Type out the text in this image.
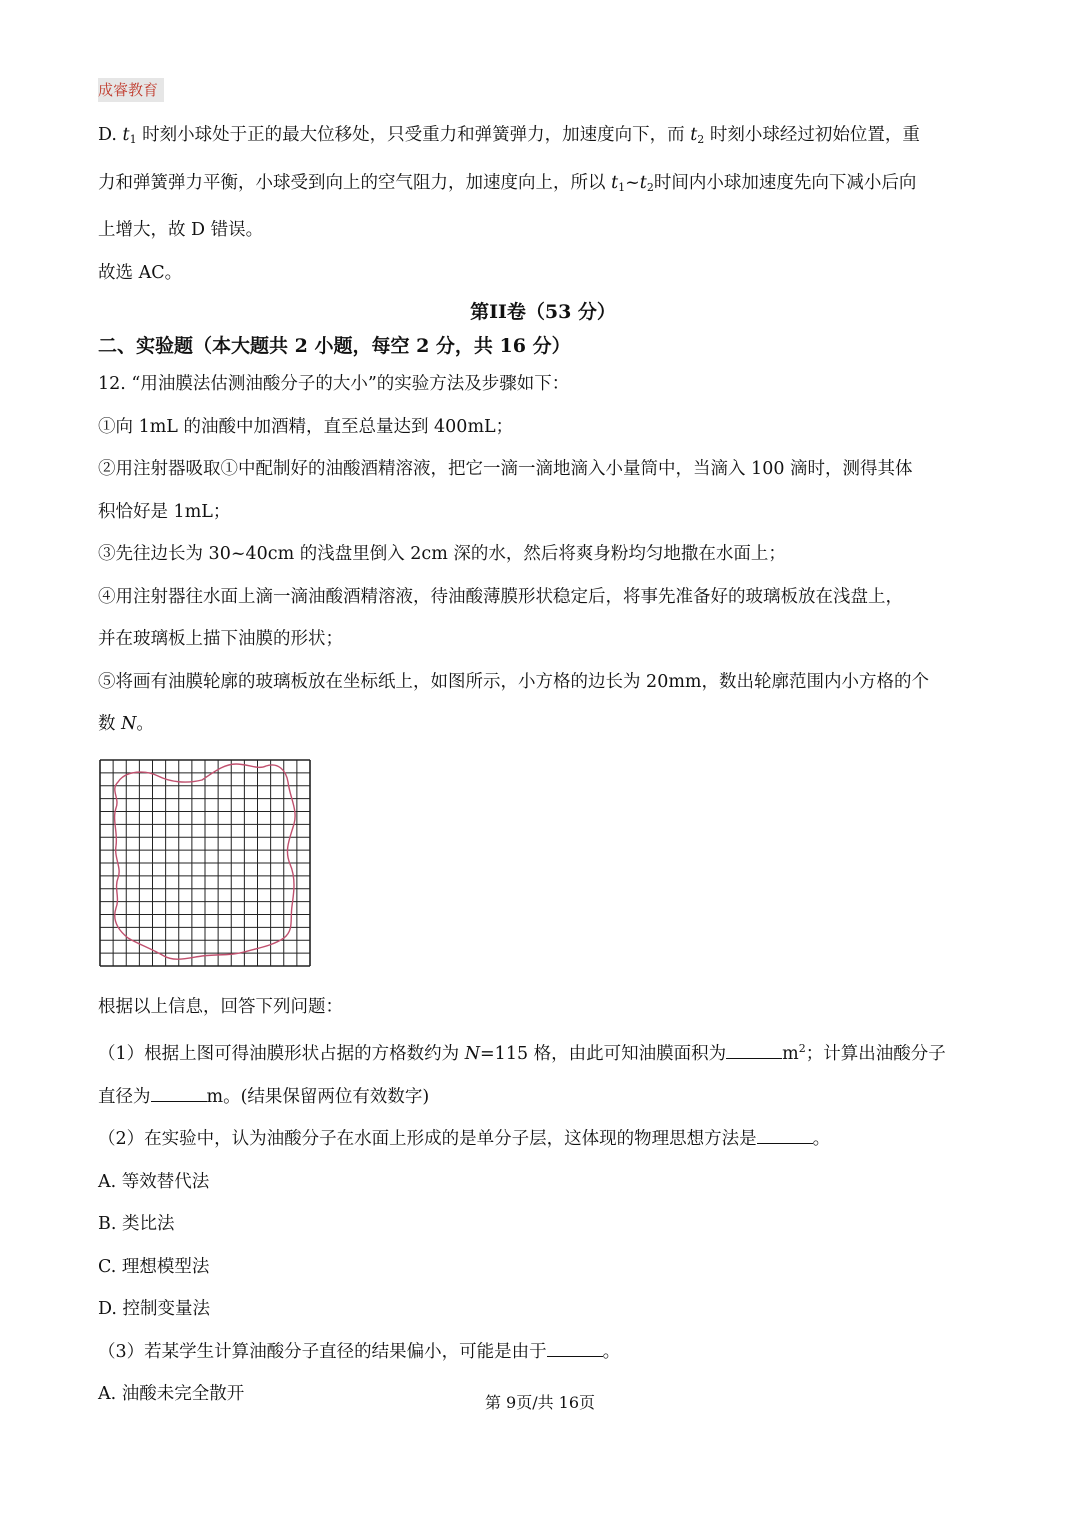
成睿教育
D. $t_1$ 时刻小球处于正的最大位移处，只受重力和弹簧弹力，加速度向下，而 $t_2$ 时刻小球经过初始位置，重
力和弹簧弹力平衡，小球受到向上的空气阻力，加速度向上，所以 $t_1\sim t_2$时间内小球加速度先向下减小后向
上增大，故 D 错误。
故选 AC。
第II卷（53 分）
二、实验题（本大题共 2 小题，每空 2 分，共 16 分）
12. “用油膜法估测油酸分子的大小”的实验方法及步骤如下：
①向 1mL 的油酸中加酒精，直至总量达到 400mL；
②用注射器吸取①中配制好的油酸酒精溶液，把它一滴一滴地滴入小量筒中，当滴入 100 滴时，测得其体
积恰好是 1mL；
③先往边长为 30~40cm 的浅盘里倒入 2cm 深的水，然后将爽身粉均匀地撒在水面上；
④用注射器往水面上滴一滴油酸酒精溶液，待油酸薄膜形状稳定后，将事先准备好的玻璃板放在浅盘上，
并在玻璃板上描下油膜的形状；
⑤将画有油膜轮廓的玻璃板放在坐标纸上，如图所示，小方格的边长为 20mm，数出轮廓范围内小方格的个
数 N。
根据以上信息，回答下列问题：
（1）根据上图可得油膜形状占据的方格数约为 N=115 格，由此可知油膜面积为	$m^2$；计算出油酸分子
直径为	m。(结果保留两位有效数字)
（2）在实验中，认为油酸分子在水面上形成的是单分子层，这体现的物理思想方法是	。
A. 等效替代法
B. 类比法
C. 理想模型法
D. 控制变量法
（3）若某学生计算油酸分子直径的结果偏小，可能是由于	。
A. 油酸未完全散开	第 9页/共 16页
